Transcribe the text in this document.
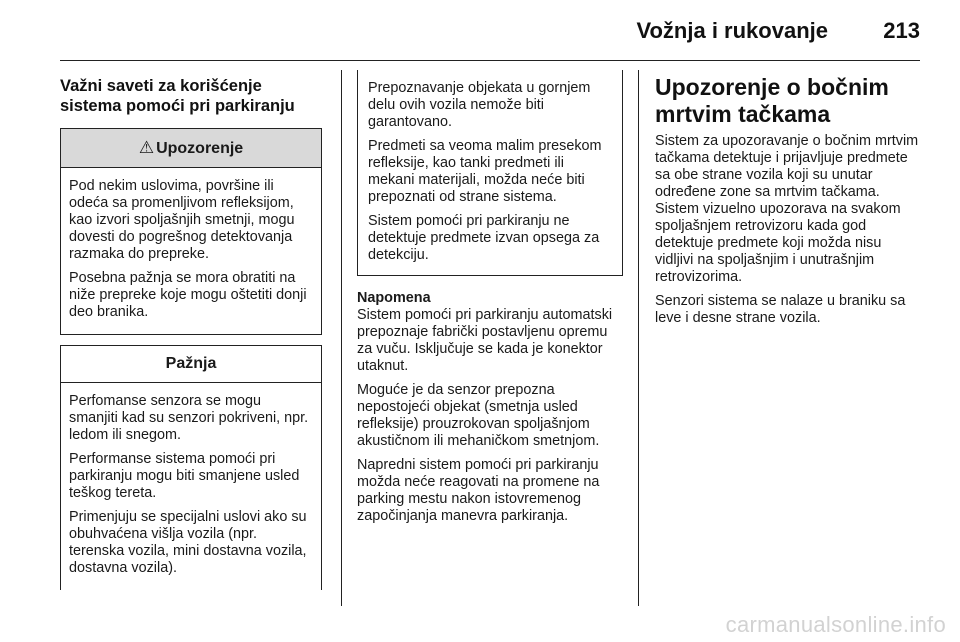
Vožnja i rukovanje	213
Važni saveti za korišćenje sistema pomoći pri parkiranju
⚠ Upozorenje

Pod nekim uslovima, površine ili odeća sa promenljivom refleksijom, kao izvori spoljašnjih smetnji, mogu dovesti do pogrešnog detektovanja razmaka do prepreke.

Posebna pažnja se mora obratiti na niže prepreke koje mogu oštetiti donji deo branika.

Pažnja

Perfomanse senzora se mogu smanjiti kad su senzori pokriveni, npr. ledom ili snegom.

Performanse sistema pomoći pri parkiranju mogu biti smanjene usled teškog tereta.

Primenjuju se specijalni uslovi ako su obuhvaćena višlja vozila (npr. terenska vozila, mini dostavna vozila, dostavna vozila).

Prepoznavanje objekata u gornjem delu ovih vozila nemože biti garantovano.

Predmeti sa veoma malim presekom refleksije, kao tanki predmeti ili mekani materijali, možda neće biti prepoznati od strane sistema.

Sistem pomoći pri parkiranju ne detektuje predmete izvan opsega za detekciju.

Napomena

Sistem pomoći pri parkiranju automatski prepoznaje fabrički postavljenu opremu za vuču. Isključuje se kada je konektor utaknut.

Moguće je da senzor prepozna nepostojeći objekat (smetnja usled refleksije) prouzrokovan spoljašnjom akustičnom ili mehaničkom smetnjom.

Napredni sistem pomoći pri parkiranju možda neće reagovati na promene na parking mestu nakon istovremenog započinjanja manevra parkiranja.

Upozorenje o bočnim mrtvim tačkama

Sistem za upozoravanje o bočnim mrtvim tačkama detektuje i prijavljuje predmete sa obe strane vozila koji su unutar određene zone sa mrtvim tačkama. Sistem vizuelno upozorava na svakom spoljašnjem retrovizoru kada god detektuje predmete koji možda nisu vidljivi na spoljašnjim i unutrašnjim retrovizorima.

Senzori sistema se nalaze u braniku sa leve i desne strane vozila.

carmanualsonline.info
